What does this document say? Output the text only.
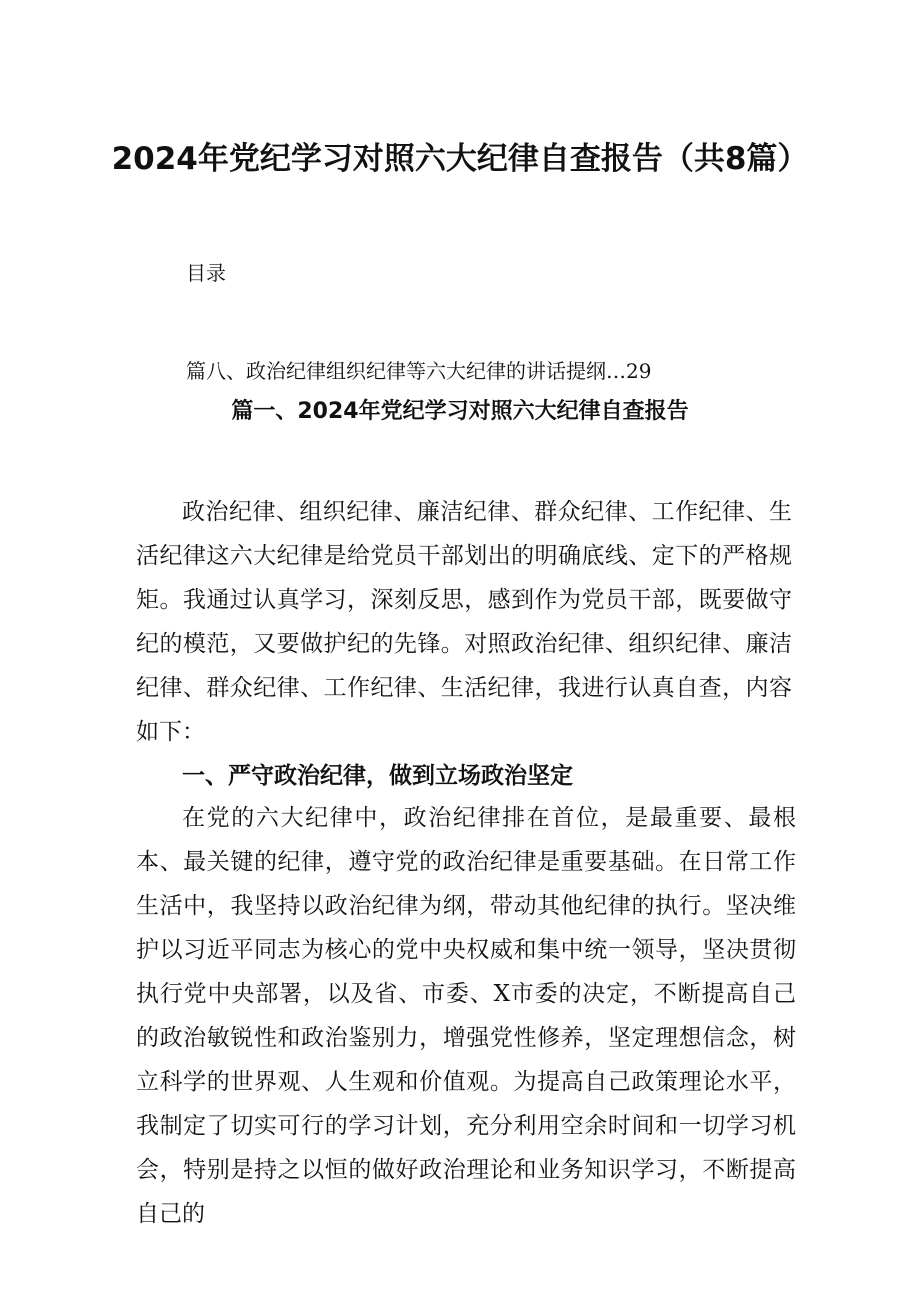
2024年党纪学习对照六大纪律自查报告（共8篇）
目录
篇八、政治纪律组织纪律等六大纪律的讲话提纲…29
篇一、2024年党纪学习对照六大纪律自查报告

政治纪律、组织纪律、廉洁纪律、群众纪律、工作纪律、生活纪律这六大纪律是给党员干部划出的明确底线、定下的严格规矩。我通过认真学习，深刻反思，感到作为党员干部，既要做守纪的模范，又要做护纪的先锋。对照政治纪律、组织纪律、廉洁纪律、群众纪律、工作纪律、生活纪律，我进行认真自查，内容如下：

一、严守政治纪律，做到立场政治坚定

在党的六大纪律中，政治纪律排在首位，是最重要、最根本、最关键的纪律，遵守党的政治纪律是重要基础。在日常工作生活中，我坚持以政治纪律为纲，带动其他纪律的执行。坚决维护以习近平同志为核心的党中央权威和集中统一领导，坚决贯彻执行党中央部署，以及省、市委、X市委的决定，不断提高自己的政治敏锐性和政治鉴别力，增强党性修养，坚定理想信念，树立科学的世界观、人生观和价值观。为提高自己政策理论水平，我制定了切实可行的学习计划，充分利用空余时间和一切学习机会，特别是持之以恒的做好政治理论和业务知识学习，不断提高自己的
